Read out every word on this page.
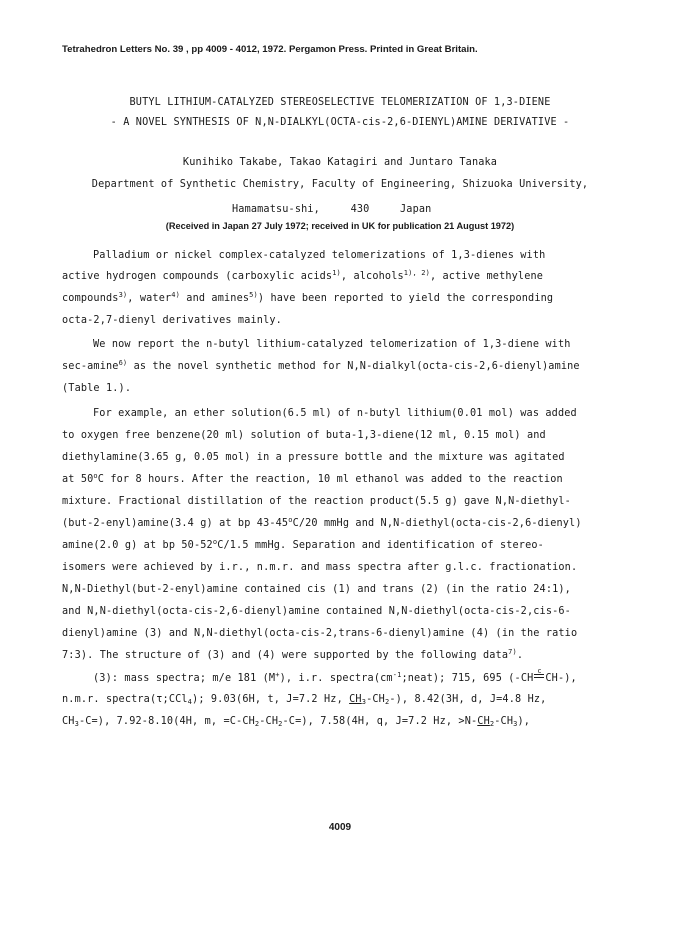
Tetrahedron Letters No. 39 , pp 4009 - 4012, 1972. Pergamon Press. Printed in Great Britain.
BUTYL LITHIUM-CATALYZED STEREOSELECTIVE TELOMERIZATION OF 1,3-DIENE
- A NOVEL SYNTHESIS OF N,N-DIALKYL(OCTA-cis-2,6-DIENYL)AMINE DERIVATIVE -
Kunihiko Takabe, Takao Katagiri and Juntaro Tanaka
Department of Synthetic Chemistry, Faculty of Engineering, Shizuoka University,
Hamamatsu-shi,	430	Japan
(Received in Japan 27 July 1972; received in UK for publication 21 August 1972)
Palladium or nickel complex-catalyzed telomerizations of 1,3-dienes with
active hydrogen compounds (carboxylic acids$^{1)}$, alcohols$^{1), 2)}$, active methylene
compounds$^{3)}$, water$^{4)}$ and amines$^{5)}$) have been reported to yield the corresponding
octa-2,7-dienyl derivatives mainly.
We now report the n-butyl lithium-catalyzed telomerization of 1,3-diene with
sec-amine$^{6)}$ as the novel synthetic method for N,N-dialkyl(octa-cis-2,6-dienyl)amine
(Table 1.).
For example, an ether solution(6.5 ml) of n-butyl lithium(0.01 mol) was added
to oxygen free benzene(20 ml) solution of buta-1,3-diene(12 ml, 0.15 mol) and
diethylamine(3.65 g, 0.05 mol) in a pressure bottle and the mixture was agitated
at 50$^o$C for 8 hours. After the reaction, 10 ml ethanol was added to the reaction
mixture. Fractional distillation of the reaction product(5.5 g) gave N,N-diethyl-
(but-2-enyl)amine(3.4 g) at bp 43-45$^o$C/20 mmHg and N,N-diethyl(octa-cis-2,6-dienyl)
amine(2.0 g) at bp 50-52$^o$C/1.5 mmHg. Separation and identification of stereo-
isomers were achieved by i.r., n.m.r. and mass spectra after g.l.c. fractionation.
N,N-Diethyl(but-2-enyl)amine contained cis (1) and trans (2) (in the ratio 24:1),
and N,N-diethyl(octa-cis-2,6-dienyl)amine contained N,N-diethyl(octa-cis-2,cis-6-
dienyl)amine (3) and N,N-diethyl(octa-cis-2,trans-6-dienyl)amine (4) (in the ratio
7:3). The structure of (3) and (4) were supported by the following data$^{7)}$.
(3): mass spectra; m/e 181 (M+), i.r. $spectra(cm^{-1};neat)$; 715, 695 (-CH
c
CH-),
n.m.r. spectra(τ;CCl$_4$); 9.03(6H, t, J=7.2 Hz, $CH_3-CH_2-$), 8.42(3H, d, J=4.8 Hz,
$CH_3-C=$), 7.92-8.10(4H, m, $=C-CH_2-CH_2-C=$), 7.58(4H, q, J=7.2 Hz, $>N-CH_2-CH_3$),
4009
